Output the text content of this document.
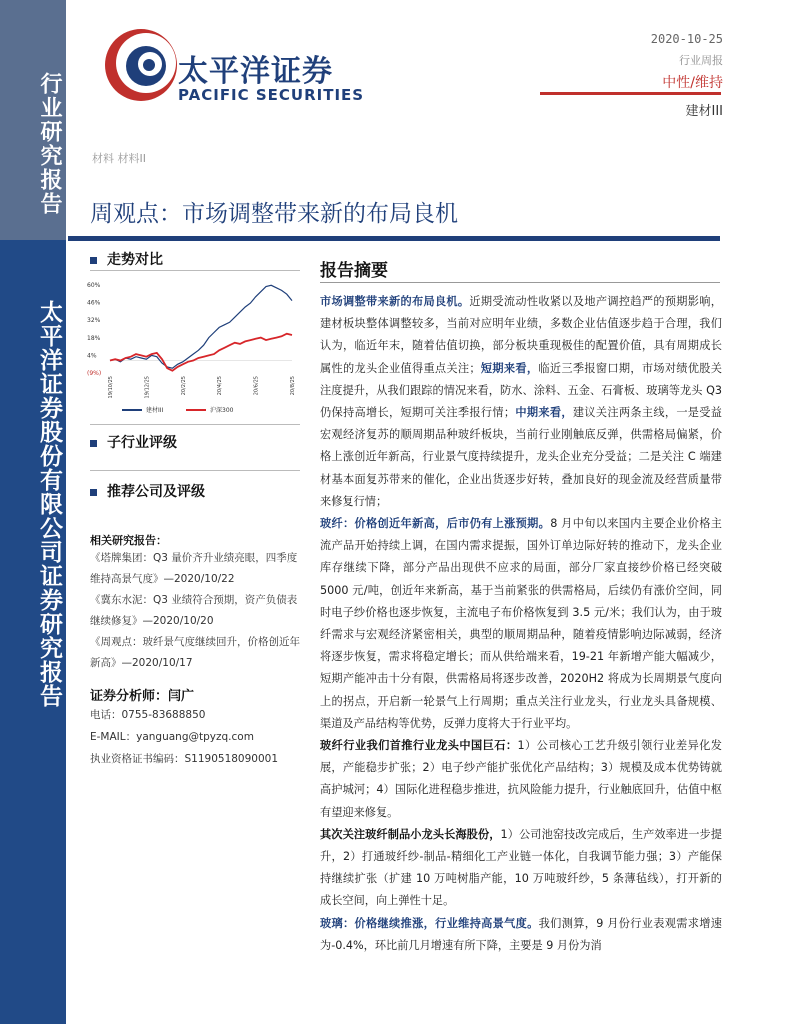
行业研究报告
太平洋证券股份有限公司证券研究报告
太平洋证券
PACIFIC SECURITIES
2020-10-25
行业周报
中性/维持
建材III
材料 材料II
周观点：市场调整带来新的布局良机
走势对比
60%
46%
32%
18%
4%
(9%)
19/10/25	19/12/25	20/2/25	20/4/25	20/6/25	20/8/25
建材III	沪深300
子行业评级
推荐公司及评级
相关研究报告：
《塔牌集团：Q3 量价齐升业绩亮眼，四季度维持高景气度》—2020/10/22
《冀东水泥：Q3 业绩符合预期，资产负债表继续修复》—2020/10/20
《周观点：玻纤景气度继续回升，价格创近年新高》—2020/10/17
证券分析师：闫广
电话：0755-83688850
E-MAIL：yanguang@tpyzq.com
执业资格证书编码：S1190518090001
报告摘要

市场调整带来新的布局良机。近期受流动性收紧以及地产调控趋严的预期影响，建材板块整体调整较多，当前对应明年业绩，多数企业估值逐步趋于合理，我们认为，临近年末，随着估值切换，部分板块重现极佳的配置价值，具有周期成长属性的龙头企业值得重点关注；短期来看，临近三季报窗口期，市场对绩优股关注度提升，从我们跟踪的情况来看，防水、涂料、五金、石膏板、玻璃等龙头 Q3 仍保持高增长，短期可关注季报行情；中期来看，建议关注两条主线，一是受益宏观经济复苏的顺周期品种玻纤板块，当前行业刚触底反弹，供需格局偏紧，价格上涨创近年新高，行业景气度持续提升，龙头企业充分受益；二是关注 C 端建材基本面复苏带来的催化，企业出货逐步好转，叠加良好的现金流及经营质量带来修复行情；

玻纤：价格创近年新高，后市仍有上涨预期。8 月中旬以来国内主要企业价格主流产品开始持续上调，在国内需求提振，国外订单边际好转的推动下，龙头企业库存继续下降，部分产品出现供不应求的局面，部分厂家直接纱价格已经突破 5000 元/吨，创近年来新高，基于当前紧张的供需格局，后续仍有涨价空间，同时电子纱价格也逐步恢复，主流电子布价格恢复到 3.5 元/米；我们认为，由于玻纤需求与宏观经济紧密相关，典型的顺周期品种，随着疫情影响边际减弱，经济将逐步恢复，需求将稳定增长；而从供给端来看，19-21 年新增产能大幅减少，短期产能冲击十分有限，供需格局将逐步改善，2020H2 将成为长周期景气度向上的拐点，开启新一轮景气上行周期；重点关注行业龙头，行业龙头具备规模、渠道及产品结构等优势，反弹力度将大于行业平均。

玻纤行业我们首推行业龙头中国巨石：1）公司核心工艺升级引领行业差异化发展，产能稳步扩张；2）电子纱产能扩张优化产品结构；3）规模及成本优势铸就高护城河；4）国际化进程稳步推进，抗风险能力提升，行业触底回升，估值中枢有望迎来修复。

其次关注玻纤制品小龙头长海股份，1）公司池窑技改完成后，生产效率进一步提升，2）打通玻纤纱-制品-精细化工产业链一体化，自我调节能力强；3）产能保持继续扩张（扩建 10 万吨树脂产能，10 万吨玻纤纱，5 条薄毡线），打开新的成长空间，向上弹性十足。

玻璃：价格继续推涨，行业维持高景气度。我们测算，9 月份行业表观需求增速为-0.4%，环比前几月增速有所下降，主要是 9 月份为消
